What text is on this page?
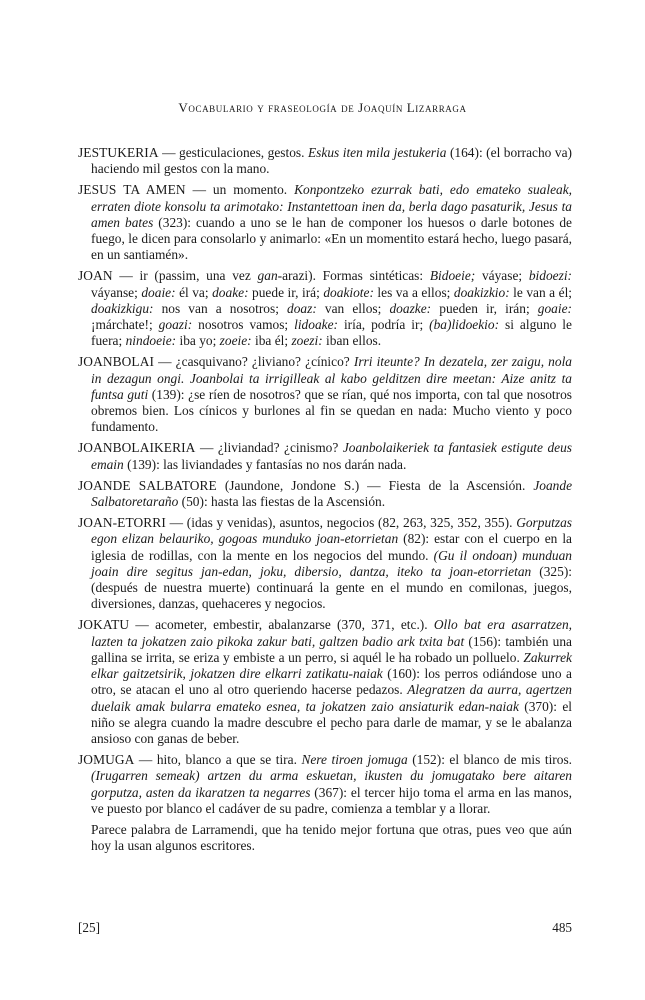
Vocabulario y fraseología de Joaquín Lizarraga

JESTUKERIA — gesticulaciones, gestos. Eskus iten mila jestukeria (164): (el borracho va) haciendo mil gestos con la mano.

JESUS TA AMEN — un momento. Konpontzeko ezurrak bati, edo emateko sualeak, erraten diote konsolu ta arimotako: Instantettoan inen da, berla dago pasaturik, Jesus ta amen bates (323): cuando a uno se le han de componer los huesos o darle botones de fuego, le dicen para consolarlo y animarlo: «En un momentito estará hecho, luego pasará, en un santiamén».

JOAN — ir (passim, una vez gan-arazi). Formas sintéticas: Bidoeie; váyase; bidoezi: váyanse; doaie: él va; doake: puede ir, irá; doakiote: les va a ellos; doakizkio: le van a él; doakizkigu: nos van a nosotros; doaz: van ellos; doazke: pueden ir, irán; goaie: ¡márchate!; goazi: nosotros vamos; lidoake: iría, podría ir; (ba)lidoekio: si alguno le fuera; nindoeie: iba yo; zoeie: iba él; zoezi: iban ellos.

JOANBOLAI — ¿casquivano? ¿liviano? ¿cínico? Irri iteunte? In dezatela, zer zaigu, nola in dezagun ongi. Joanbolai ta irrigilleak al kabo gelditzen dire meetan: Aize anitz ta funtsa guti (139): ¿se ríen de nosotros? que se rían, qué nos importa, con tal que nosotros obremos bien. Los cínicos y burlones al fin se quedan en nada: Mucho viento y poco fundamento.

JOANBOLAIKERIA — ¿liviandad? ¿cinismo? Joanbolaikeriek ta fantasiek estigute deus emain (139): las liviandades y fantasías no nos darán nada.

JOANDE SALBATORE (Jaundone, Jondone S.) — Fiesta de la Ascensión. Joande Salbatoretaraño (50): hasta las fiestas de la Ascensión.

JOAN-ETORRI — (idas y venidas), asuntos, negocios (82, 263, 325, 352, 355). Gorputzas egon elizan belauriko, gogoas munduko joan-etorrietan (82): estar con el cuerpo en la iglesia de rodillas, con la mente en los negocios del mundo. (Gu il ondoan) munduan joain dire segitus jan-edan, joku, dibersio, dantza, iteko ta joan-etorrietan (325): (después de nuestra muerte) continuará la gente en el mundo en comilonas, juegos, diversiones, danzas, quehaceres y negocios.

JOKATU — acometer, embestir, abalanzarse (370, 371, etc.). Ollo bat era asarratzen, lazten ta jokatzen zaio pikoka zakur bati, galtzen badio ark txita bat (156): también una gallina se irrita, se eriza y embiste a un perro, si aquél le ha robado un polluelo. Zakurrek elkar gaitzetsirik, jokatzen dire elkarri zatikatu-naiak (160): los perros odiándose uno a otro, se atacan el uno al otro queriendo hacerse pedazos. Alegratzen da aurra, agertzen duelaik amak bularra emateko esnea, ta jokatzen zaio ansiaturik edan-naiak (370): el niño se alegra cuando la madre descubre el pecho para darle de mamar, y se le abalanza ansioso con ganas de beber.

JOMUGA — hito, blanco a que se tira. Nere tiroen jomuga (152): el blanco de mis tiros. (Irugarren semeak) artzen du arma eskuetan, ikusten du jomugatako bere aitaren gorputza, asten da ikaratzen ta negarres (367): el tercer hijo toma el arma en las manos, ve puesto por blanco el cadáver de su padre, comienza a temblar y a llorar.

Parece palabra de Larramendi, que ha tenido mejor fortuna que otras, pues veo que aún hoy la usan algunos escritores.

[25]	485
